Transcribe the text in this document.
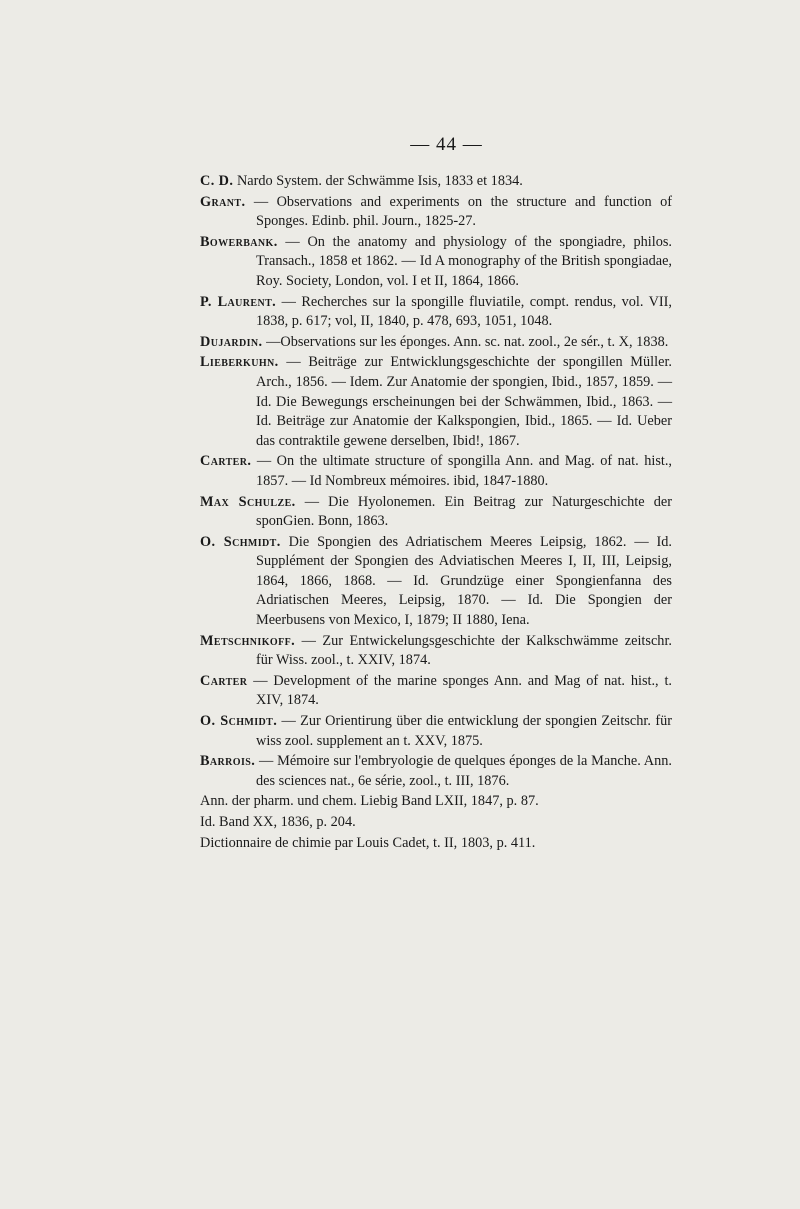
— 44 —

C. D. Nardo System. der Schwämme Isis, 1833 et 1834.

Grant. — Observations and experiments on the structure and function of Sponges. Edinb. phil. Journ., 1825-27.

Bowerbank. — On the anatomy and physiology of the spongiadre, philos. Transach., 1858 et 1862. — Id A monography of the British spongiadae, Roy. Society, London, vol. I et II, 1864, 1866.

P. Laurent. — Recherches sur la spongille fluviatile, compt. rendus, vol. VII, 1838, p. 617; vol, II, 1840, p. 478, 693, 1051, 1048.

Dujardin. —Observations sur les éponges. Ann. sc. nat. zool., 2e sér., t. X, 1838.

Lieberkuhn. — Beiträge zur Entwicklungsgeschichte der spongillen Müller. Arch., 1856. — Idem. Zur Anatomie der spongien, Ibid., 1857, 1859. — Id. Die Bewegungs erscheinungen bei der Schwämmen, Ibid., 1863. — Id. Beiträge zur Anatomie der Kalkspongien, Ibid., 1865. — Id. Ueber das contraktile gewene derselben, Ibid!, 1867.

Carter. — On the ultimate structure of spongilla Ann. and Mag. of nat. hist., 1857. — Id Nombreux mémoires. ibid, 1847-1880.

Max Schulze. — Die Hyolonemen. Ein Beitrag zur Naturgeschichte der sponGien. Bonn, 1863.

O. Schmidt. Die Spongien des Adriatischem Meeres Leipsig, 1862. — Id. Supplément der Spongien des Adviatischen Meeres I, II, III, Leipsig, 1864, 1866, 1868. — Id. Grundzüge einer Spongienfanna des Adriatischen Meeres, Leipsig, 1870. — Id. Die Spongien der Meerbusens von Mexico, I, 1879; II 1880, Iena.

Metschnikoff. — Zur Entwickelungsgeschichte der Kalkschwämme zeitschr. für Wiss. zool., t. XXIV, 1874.

Carter — Development of the marine sponges Ann. and Mag of nat. hist., t. XIV, 1874.

O. Schmidt. — Zur Orientirung über die entwicklung der spongien Zeitschr. für wiss zool. supplement an t. XXV, 1875.

Barrois. — Mémoire sur l'embryologie de quelques éponges de la Manche. Ann. des sciences nat., 6e série, zool., t. III, 1876.

Ann. der pharm. und chem. Liebig Band LXII, 1847, p. 87.

Id. Band XX, 1836, p. 204.

Dictionnaire de chimie par Louis Cadet, t. II, 1803, p. 411.
